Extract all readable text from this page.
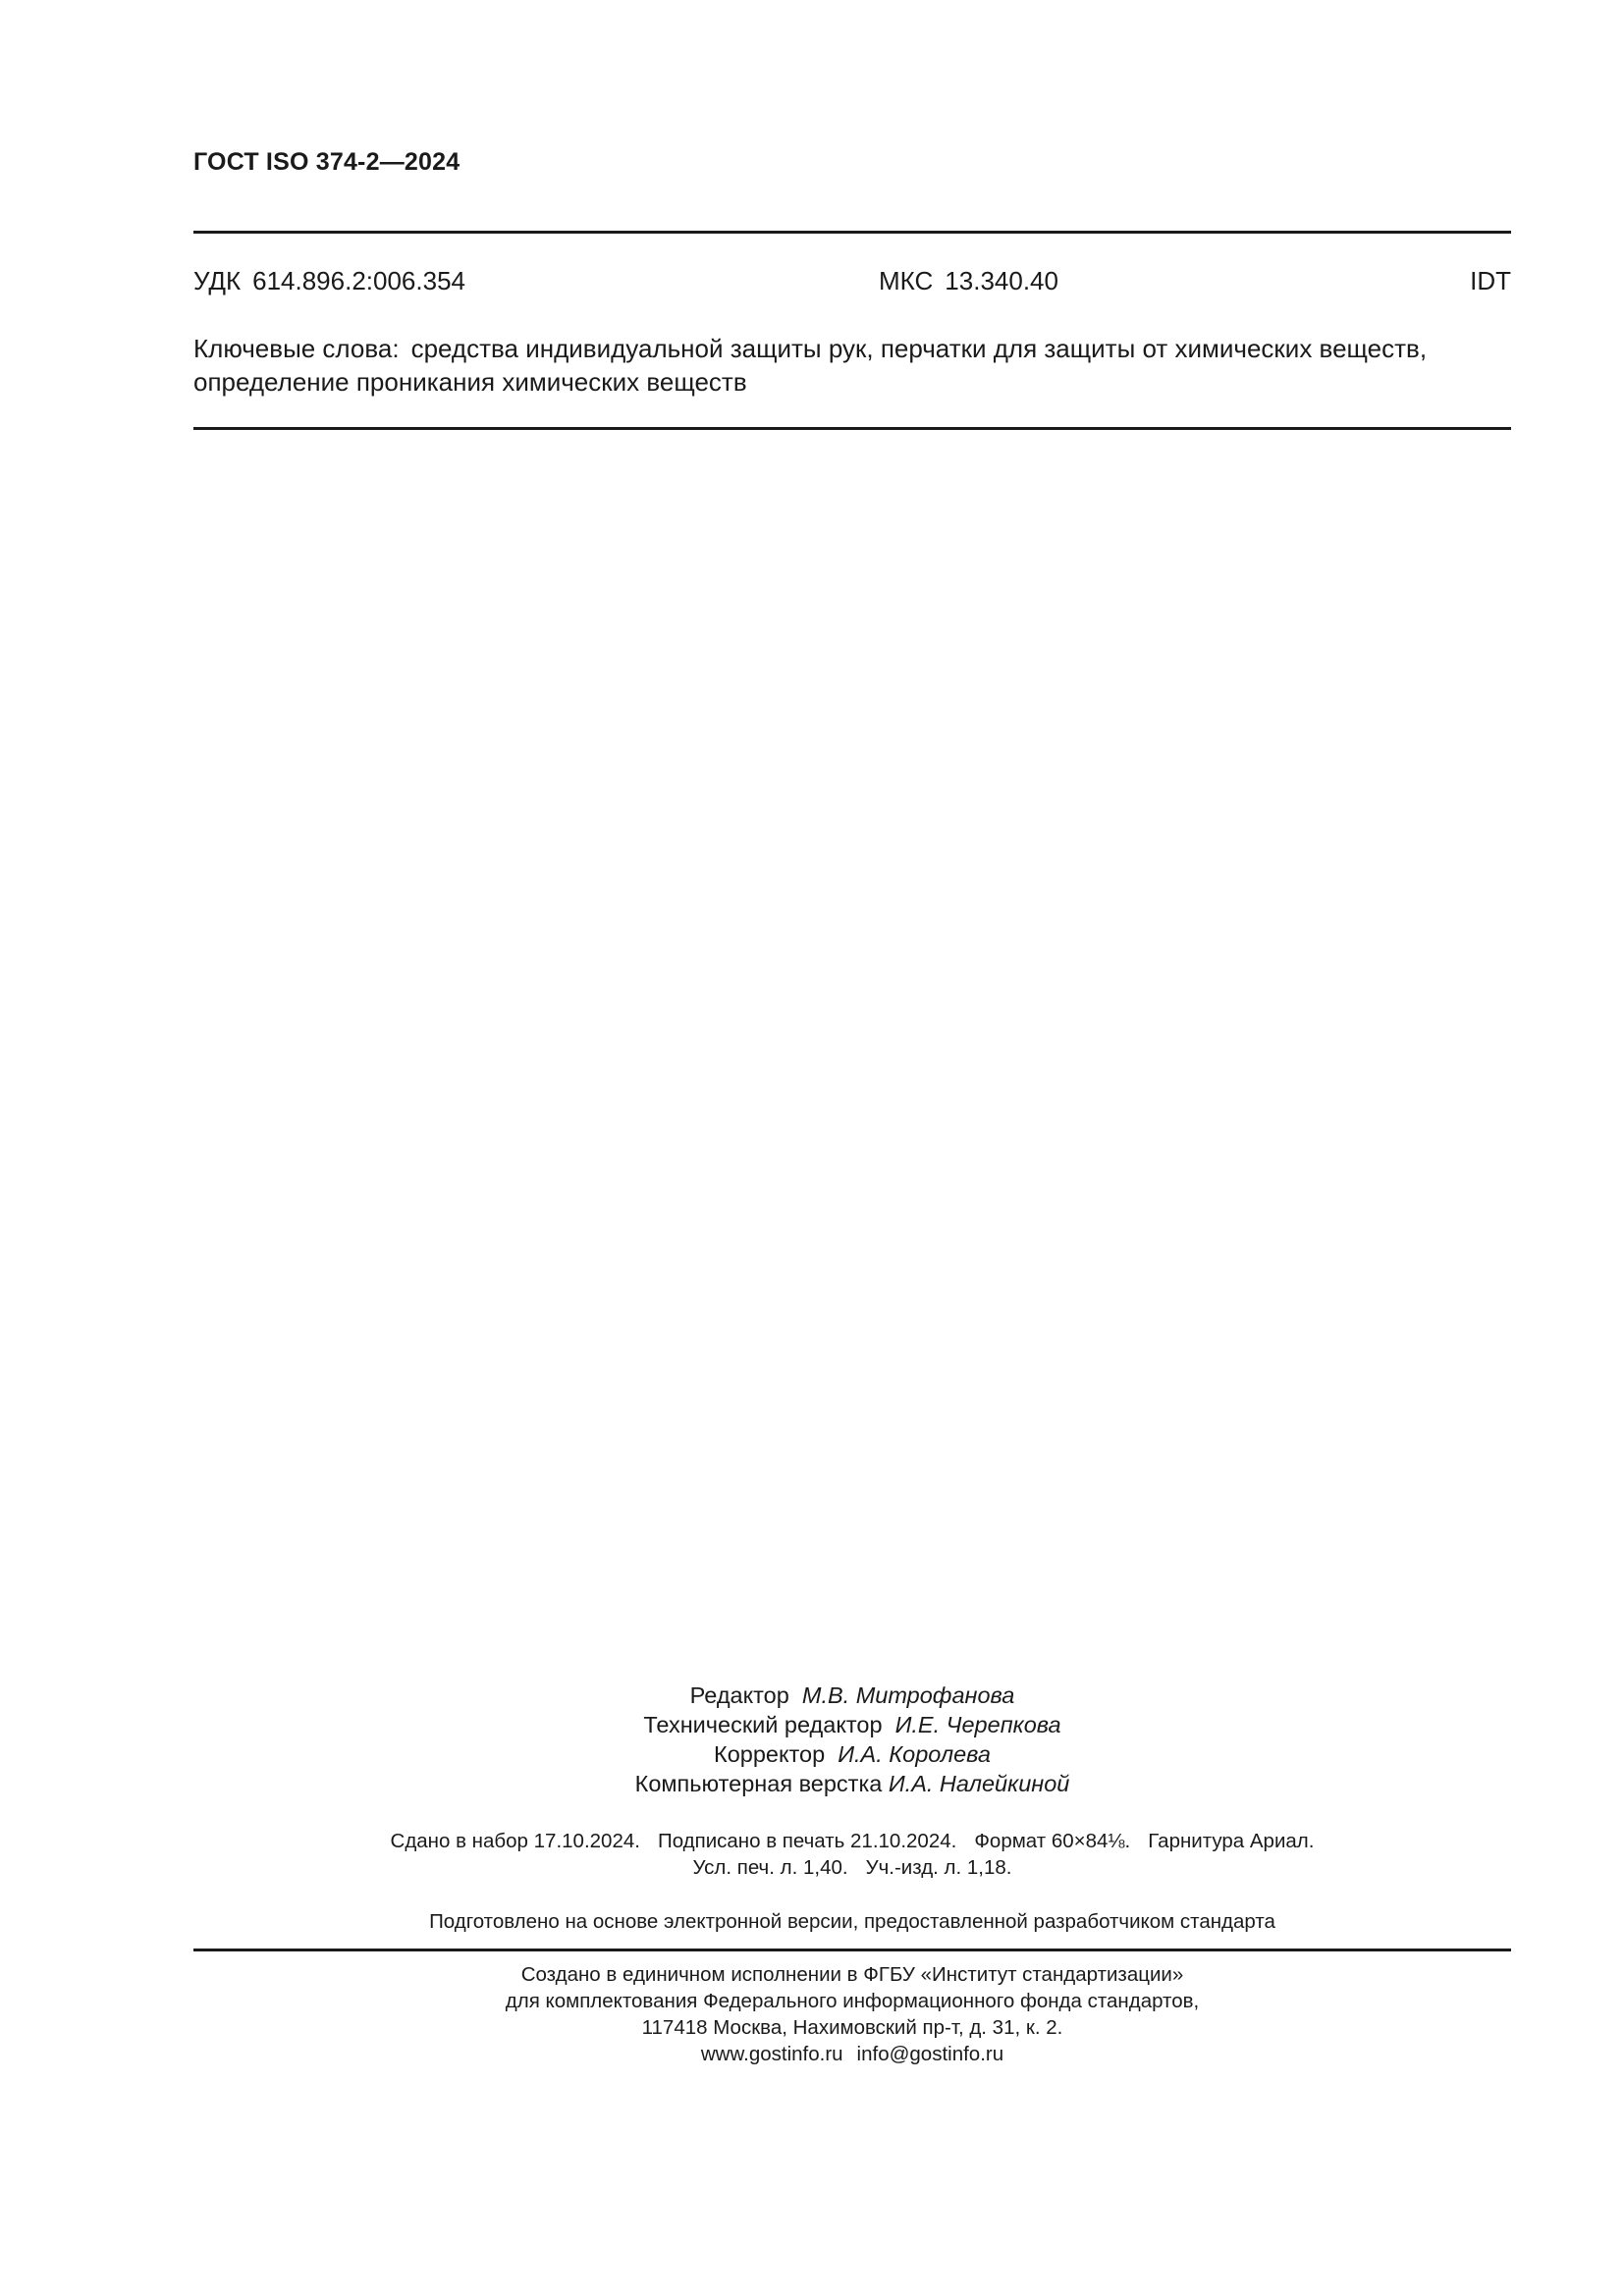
ГОСТ ISO 374-2—2024
УДК 614.896.2:006.354	МКС 13.340.40	IDT
Ключевые слова: средства индивидуальной защиты рук, перчатки для защиты от химических веществ, определение проникания химических веществ
Редактор М.В. Митрофанова
Технический редактор И.Е. Черепкова
Корректор И.А. Королева
Компьютерная верстка И.А. Налейкиной
Сдано в набор 17.10.2024. Подписано в печать 21.10.2024. Формат 60×84⅛. Гарнитура Ариал.
Усл. печ. л. 1,40. Уч.-изд. л. 1,18.
Подготовлено на основе электронной версии, предоставленной разработчиком стандарта
Создано в единичном исполнении в ФГБУ «Институт стандартизации»
для комплектования Федерального информационного фонда стандартов,
117418 Москва, Нахимовский пр-т, д. 31, к. 2.
www.gostinfo.ru info@gostinfo.ru
